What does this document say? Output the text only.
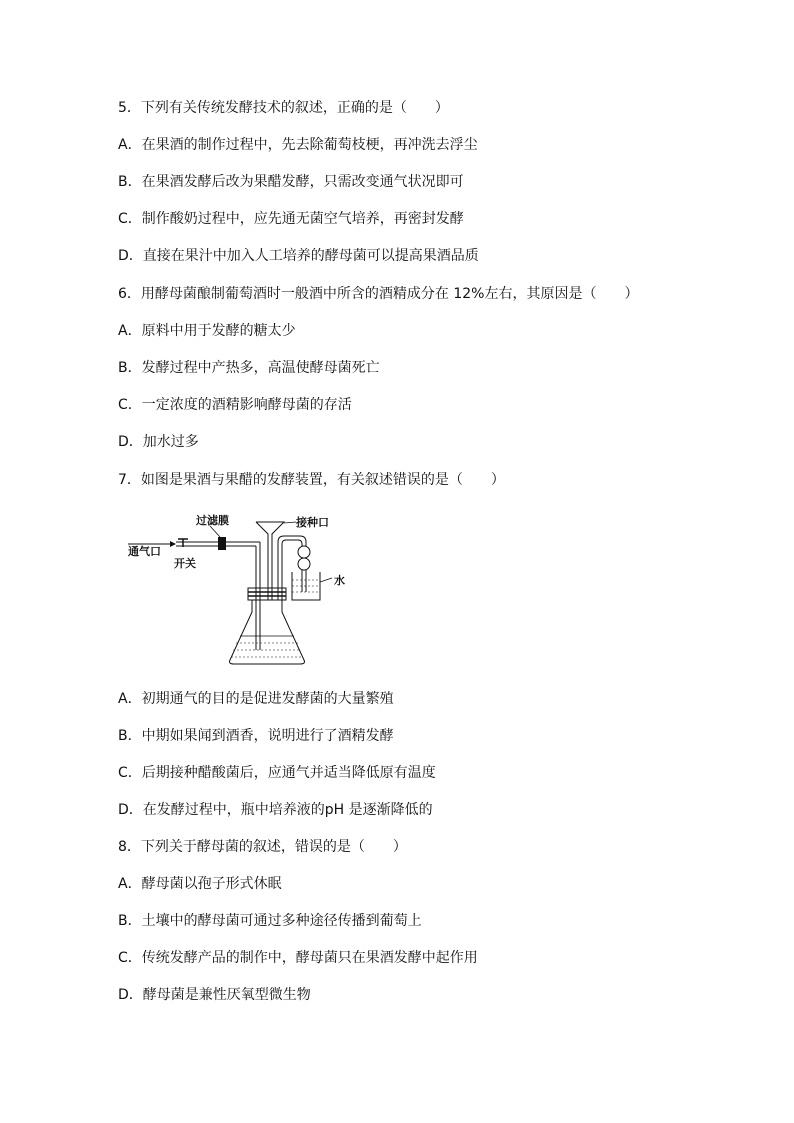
5．下列有关传统发酵技术的叙述，正确的是（　　）
A．在果酒的制作过程中，先去除葡萄枝梗，再冲洗去浮尘
B．在果酒发酵后改为果醋发酵，只需改变通气状况即可
C．制作酸奶过程中，应先通无菌空气培养，再密封发酵
D．直接在果汁中加入人工培养的酵母菌可以提高果酒品质
6．用酵母菌酿制葡萄酒时一般酒中所含的酒精成分在 12%左右，其原因是（　　）
A．原料中用于发酵的糖太少
B．发酵过程中产热多，高温使酵母菌死亡
C．一定浓度的酒精影响酵母菌的存活
D．加水过多
7．如图是果酒与果醋的发酵装置，有关叙述错误的是（　　）
过滤膜	接种口
通气口
开关
水
A．初期通气的目的是促进发酵菌的大量繁殖
B．中期如果闻到酒香，说明进行了酒精发酵
C．后期接种醋酸菌后，应通气并适当降低原有温度
D．在发酵过程中，瓶中培养液的pH 是逐渐降低的
8．下列关于酵母菌的叙述，错误的是（　　）
A．酵母菌以孢子形式休眠
B．土壤中的酵母菌可通过多种途径传播到葡萄上
C．传统发酵产品的制作中，酵母菌只在果酒发酵中起作用
D．酵母菌是兼性厌氧型微生物
